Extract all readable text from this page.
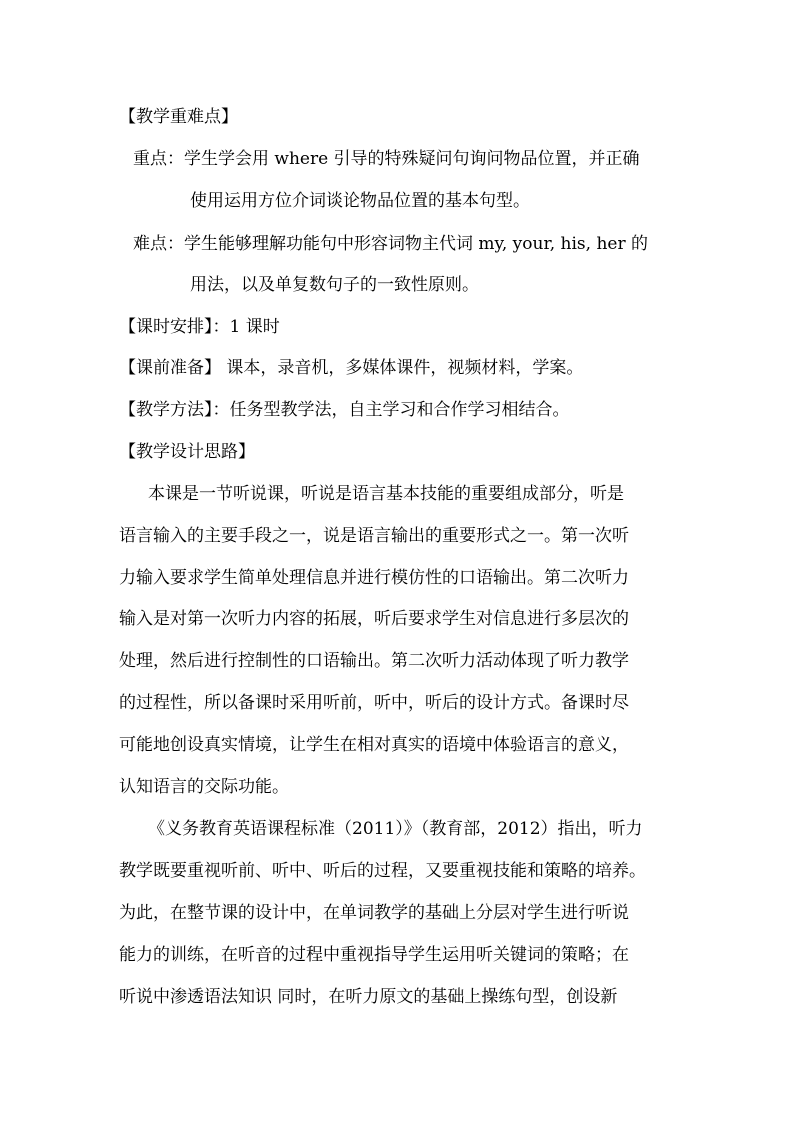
【教学重难点】
重点：学生学会用 where 引导的特殊疑问句询问物品位置，并正确
使用运用方位介词谈论物品位置的基本句型。
难点：学生能够理解功能句中形容词物主代词 my, your, his, her 的
用法，以及单复数句子的一致性原则。
【课时安排】：1 课时
【课前准备】 课本，录音机，多媒体课件，视频材料，学案。
【教学方法】：任务型教学法，自主学习和合作学习相结合。
【教学设计思路】
本课是一节听说课，听说是语言基本技能的重要组成部分，听是
语言输入的主要手段之一，说是语言输出的重要形式之一。第一次听
力输入要求学生简单处理信息并进行模仿性的口语输出。第二次听力
输入是对第一次听力内容的拓展，听后要求学生对信息进行多层次的
处理，然后进行控制性的口语输出。第二次听力活动体现了听力教学
的过程性，所以备课时采用听前，听中，听后的设计方式。备课时尽
可能地创设真实情境，让学生在相对真实的语境中体验语言的意义，
认知语言的交际功能。
《义务教育英语课程标准（2011）》（教育部，2012）指出，听力
教学既要重视听前、听中、听后的过程，又要重视技能和策略的培养。
为此，在整节课的设计中，在单词教学的基础上分层对学生进行听说
能力的训练，在听音的过程中重视指导学生运用听关键词的策略；在
听说中渗透语法知识 同时，在听力原文的基础上操练句型，创设新
